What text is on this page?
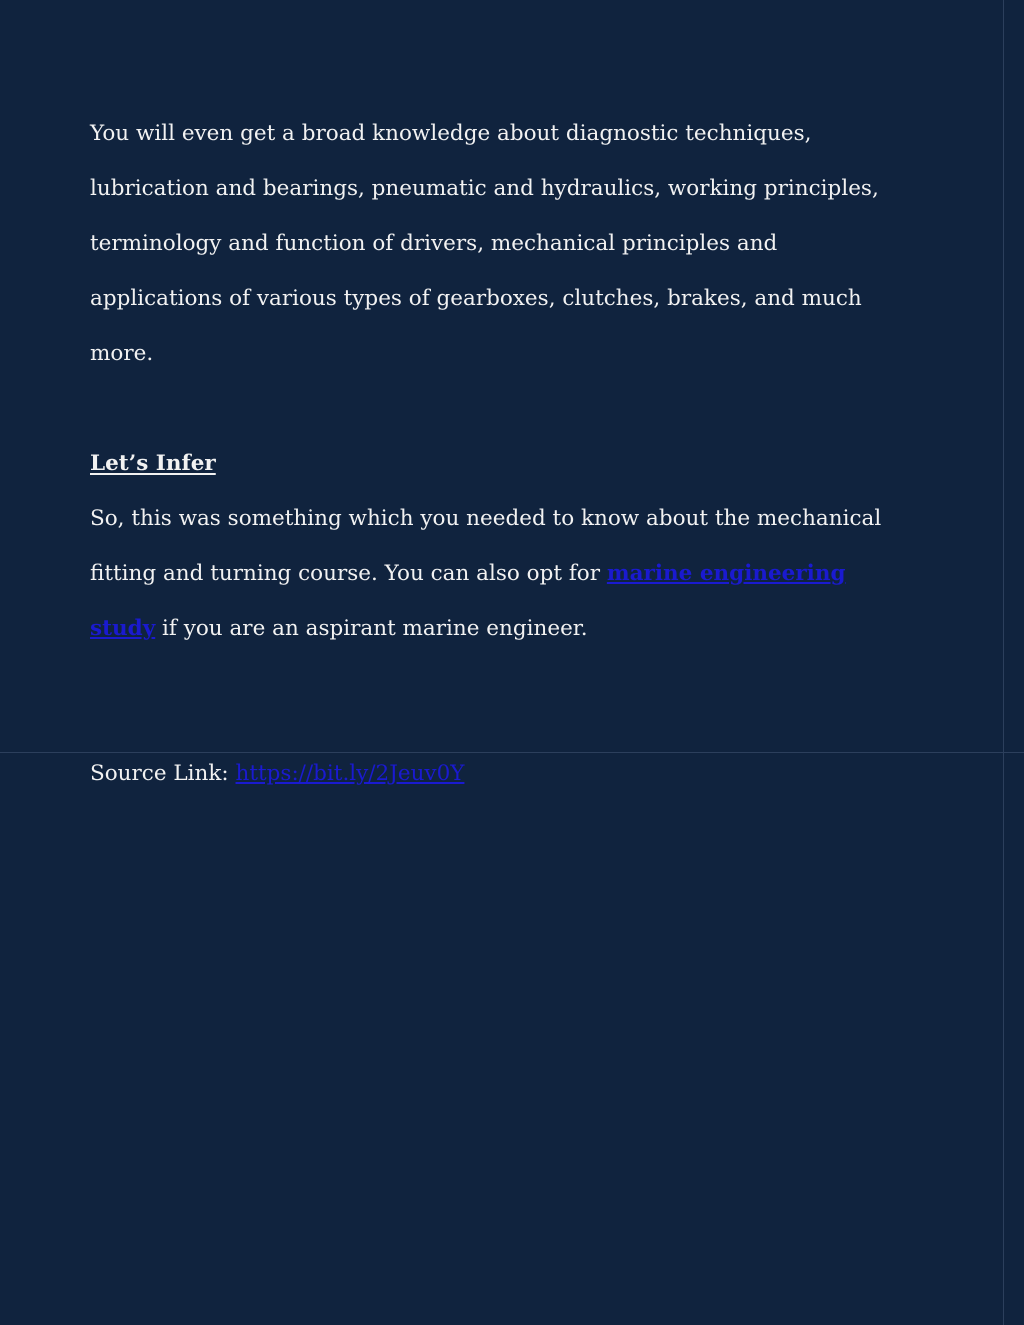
You will even get a broad knowledge about diagnostic techniques,
lubrication and bearings, pneumatic and hydraulics, working principles,
terminology and function of drivers, mechanical principles and
applications of various types of gearboxes, clutches, brakes, and much
more.

Let’s Infer
So, this was something which you needed to know about the mechanical
fitting and turning course. You can also opt for marine engineering
study if you are an aspirant marine engineer.

Source Link: https://bit.ly/2Jeuv0Y
